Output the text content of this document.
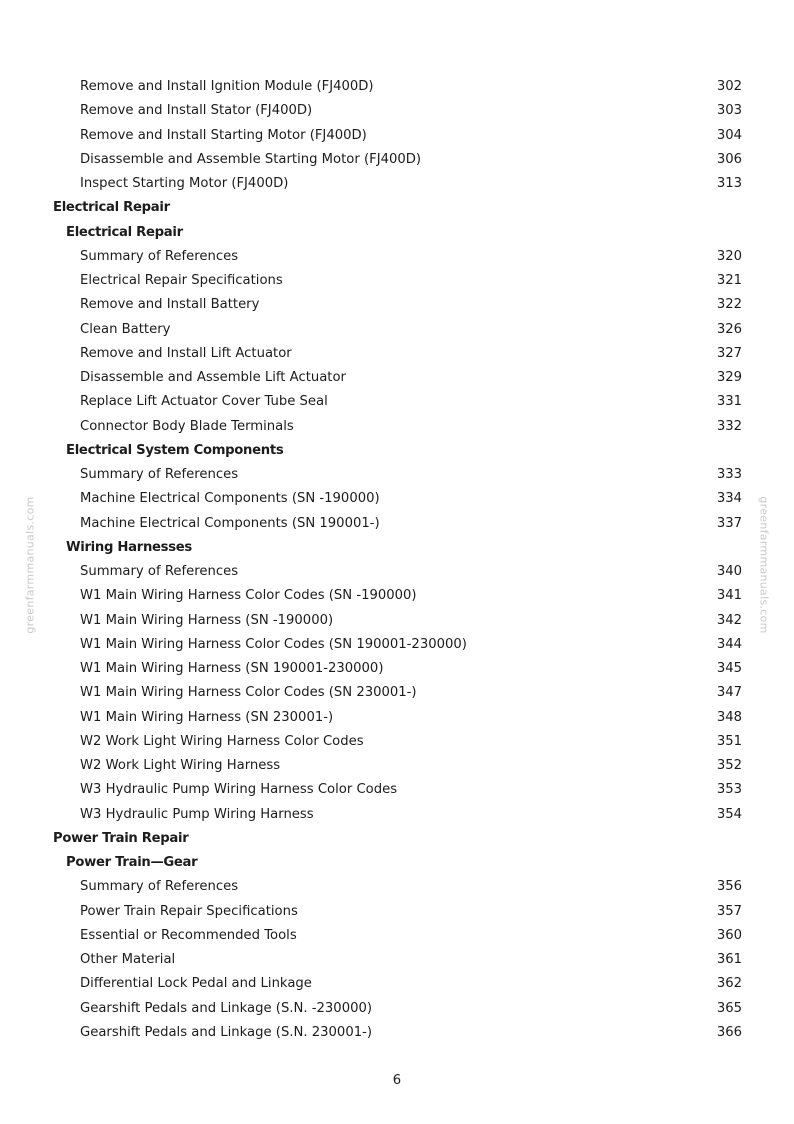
greenfarmmanuals.com	greenfarmmanuals.com
Remove and Install Ignition Module (FJ400D)	302
Remove and Install Stator (FJ400D)	303
Remove and Install Starting Motor (FJ400D)	304
Disassemble and Assemble Starting Motor (FJ400D)	306
Inspect Starting Motor (FJ400D)	313
Electrical Repair
Electrical Repair
Summary of References	320
Electrical Repair Specifications	321
Remove and Install Battery	322
Clean Battery	326
Remove and Install Lift Actuator	327
Disassemble and Assemble Lift Actuator	329
Replace Lift Actuator Cover Tube Seal	331
Connector Body Blade Terminals	332
Electrical System Components
Summary of References	333
Machine Electrical Components (SN -190000)	334
Machine Electrical Components (SN 190001-)	337
Wiring Harnesses
Summary of References	340
W1 Main Wiring Harness Color Codes (SN -190000)	341
W1 Main Wiring Harness (SN -190000)	342
W1 Main Wiring Harness Color Codes (SN 190001-230000)	344
W1 Main Wiring Harness (SN 190001-230000)	345
W1 Main Wiring Harness Color Codes (SN 230001-)	347
W1 Main Wiring Harness (SN 230001-)	348
W2 Work Light Wiring Harness Color Codes	351
W2 Work Light Wiring Harness	352
W3 Hydraulic Pump Wiring Harness Color Codes	353
W3 Hydraulic Pump Wiring Harness	354
Power Train Repair
Power Train—Gear
Summary of References	356
Power Train Repair Specifications	357
Essential or Recommended Tools	360
Other Material	361
Differential Lock Pedal and Linkage	362
Gearshift Pedals and Linkage (S.N. -230000)	365
Gearshift Pedals and Linkage (S.N. 230001-)	366
6
